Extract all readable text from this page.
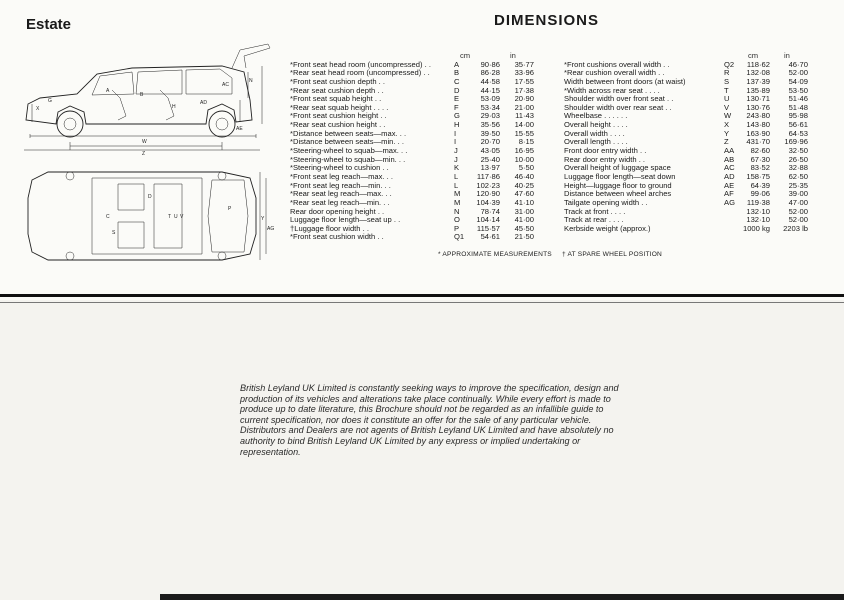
Estate	DIMENSIONS
X
A
B
AD
AC
AE
N
W
Z
G
H
C
D
T U V
P
Y
AG
S
cm	in
*Front seat head room (uncompressed) . .	A	90·86	35·77
*Rear seat head room (uncompressed) . .	B	86·28	33·96
*Front seat cushion depth . .	C	44·58	17·55
*Rear seat cushion depth . .	D	44·15	17·38
*Front seat squab height . .	E	53·09	20·90
*Rear seat squab height . . . .	F	53·34	21·00
*Front seat cushion height . .	G	29·03	11·43
*Rear seat cushion height . .	H	35·56	14·00
*Distance between seats—max. . .	I	39·50	15·55
*Distance between seats—min. . .	I	20·70	8·15
*Steering-wheel to squab—max. . .	J	43·05	16·95
*Steering-wheel to squab—min. . .	J	25·40	10·00
*Steering-wheel to cushion . .	K	13·97	5·50
*Front seat leg reach—max. . .	L	117·86	46·40
*Front seat leg reach—min. . .	L	102·23	40·25
*Rear seat leg reach—max. . .	M	120·90	47·60
*Rear seat leg reach—min. . .	M	104·39	41·10
Rear door opening height . .	N	78·74	31·00
Luggage floor length—seat up . .	O	104·14	41·00
†Luggage floor width . .	P	115·57	45·50
*Front seat cushion width . .	Q1	54·61	21·50
cm	in
*Front cushions overall width . .	Q2	118·62	46·70
*Rear cushion overall width . .	R	132·08	52·00
Width between front doors (at waist)	S	137·39	54·09
*Width across rear seat . . . .	T	135·89	53·50
Shoulder width over front seat . .	U	130·71	51·46
Shoulder width over rear seat . .	V	130·76	51·48
Wheelbase . . . . . .	W	243·80	95·98
Overall height . . . .	X	143·80	56·61
Overall width . . . .	Y	163·90	64·53
Overall length . . . .	Z	431·70	169·96
Front door entry width . .	AA	82·60	32·50
Rear door entry width . .	AB	67·30	26·50
Overall height of luggage space	AC	83·52	32·88
Luggage floor length—seat down	AD	158·75	62·50
Height—luggage floor to ground	AE	64·39	25·35
Distance between wheel arches	AF	99·06	39·00
Tailgate opening width . .	AG	119·38	47·00
Track at front . . . .	132·10	52·00
Track at rear . . . .	132·10	52·00
Kerbside weight (approx.)	1000 kg	2203 lb
* APPROXIMATE MEASUREMENTS † AT SPARE WHEEL POSITION

British Leyland UK Limited is constantly seeking ways to improve the specification, design and production of its vehicles and alterations take place continually. While every effort is made to produce up to date literature, this Brochure should not be regarded as an infallible guide to current specification, nor does it constitute an offer for the sale of any particular vehicle.

Distributors and Dealers are not agents of British Leyland UK Limited and have absolutely no authority to bind British Leyland UK Limited by any express or implied undertaking or representation.
